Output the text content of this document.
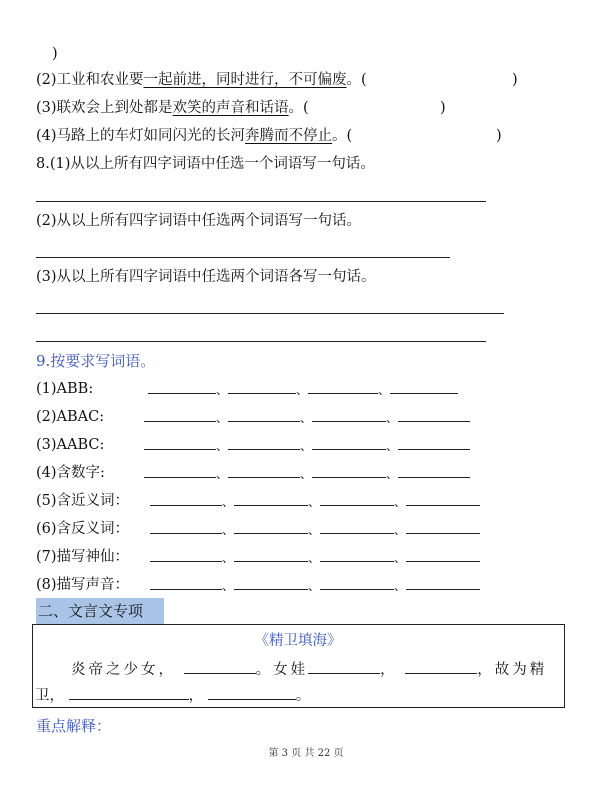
)
(2)工业和农业要一起前进，同时进行，不可偏废。(	)
(3)联欢会上到处都是欢笑的声音和话语。(	)
(4)马路上的车灯如同闪光的长河奔腾而不停止。(	)
8.(1)从以上所有四字词语中任选一个词语写一句话。
(2)从以上所有四字词语中任选两个词语写一句话。
(3)从以上所有四字词语中任选两个词语各写一句话。
9.按要求写词语。
(1)ABB:	、	、	、
(2)ABAC:	、	、	、
(3)AABC:	、	、	、
(4)含数字:	、	、	、
(5)含近义词：	、	、	、
(6)含反义词：	、	、	、
(7)描写神仙：	、	、	、
(8)描写声音：	、	、	、
二、文言文专项
《精卫填海》
炎帝之少女，	。女娃	，	，故为精
卫，	，	。
重点解释：
第 3 页 共 22 页
